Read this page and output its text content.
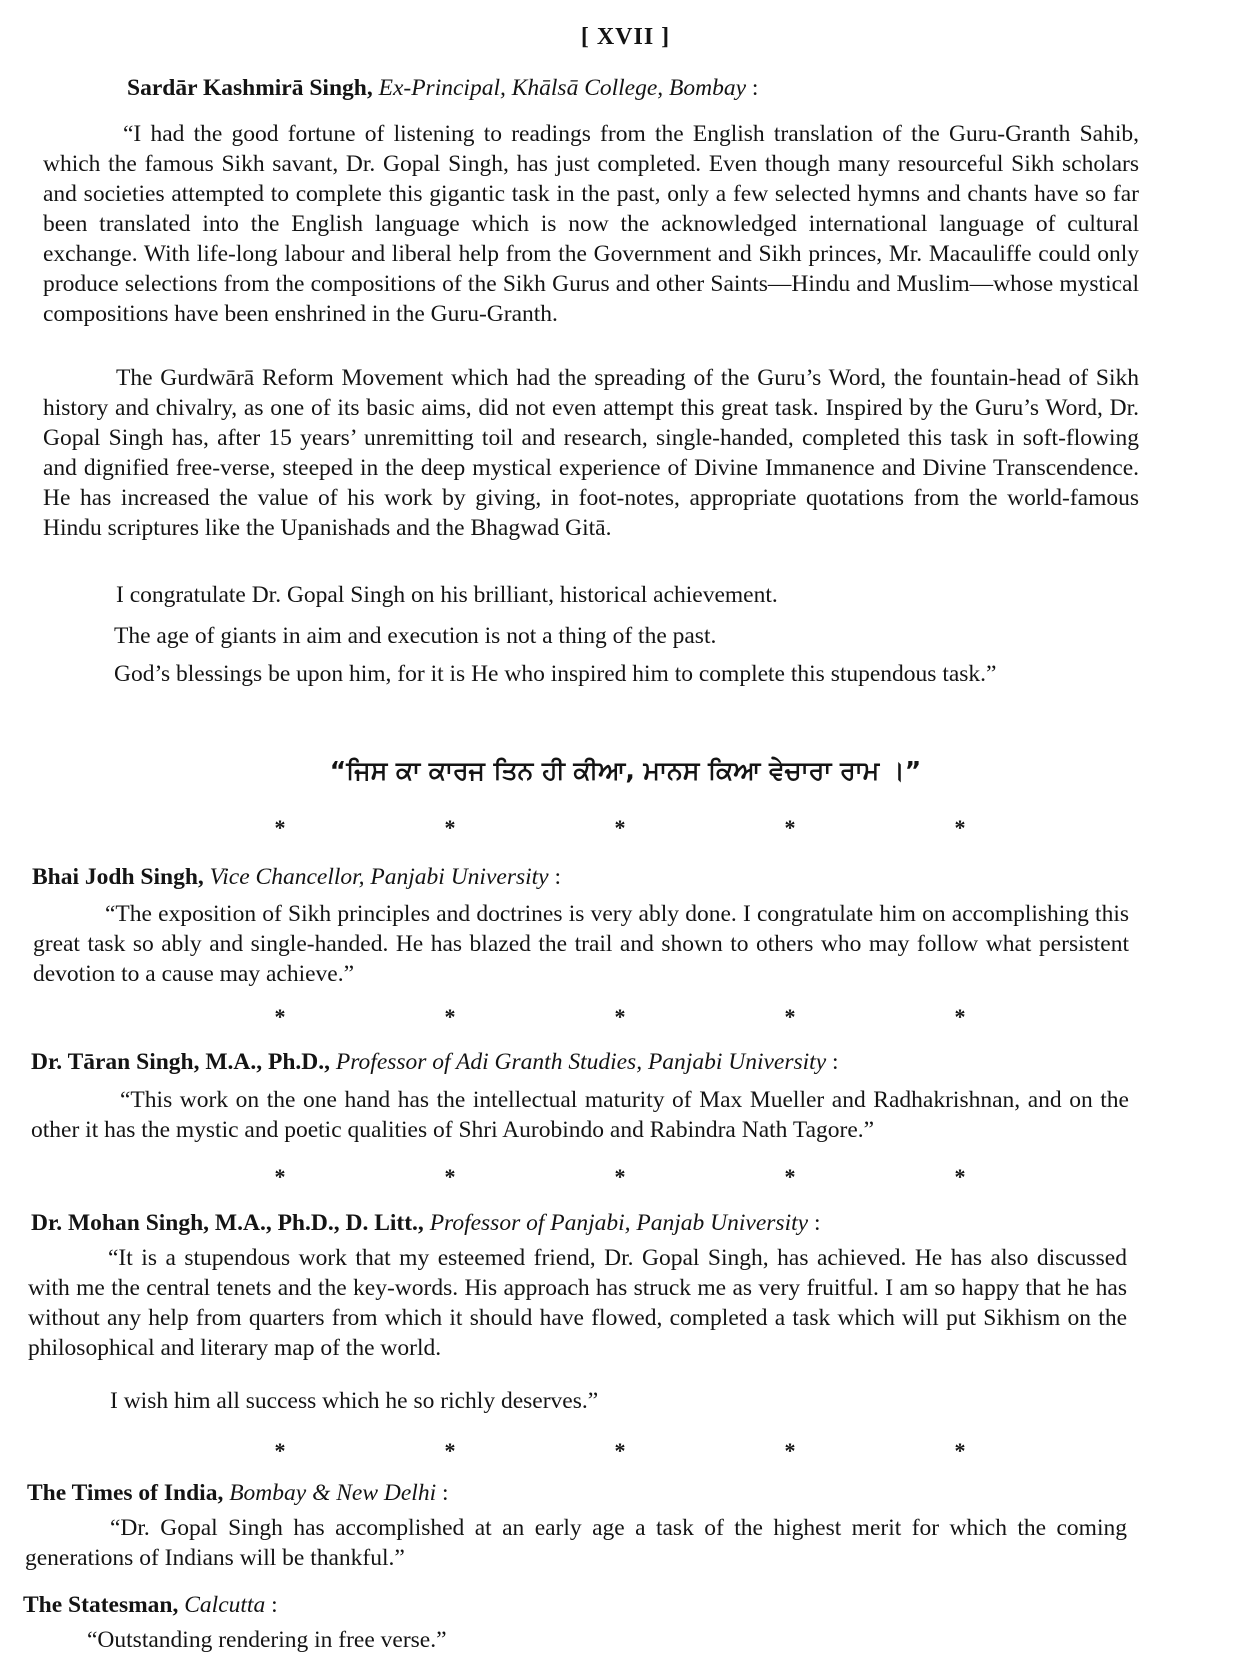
[ XVII ]
Sardār Kashmirā Singh, Ex-Principal, Khālsā College, Bombay :
“I had the good fortune of listening to readings from the English translation of the Guru-Granth Sahib, which the famous Sikh savant, Dr. Gopal Singh, has just completed. Even though many resourceful Sikh scholars and societies attempted to complete this gigantic task in the past, only a few selected hymns and chants have so far been translated into the English language which is now the acknowledged international language of cultural exchange. With life-long labour and liberal help from the Government and Sikh princes, Mr. Macauliffe could only produce selections from the compositions of the Sikh Gurus and other Saints—Hindu and Muslim—whose mystical compositions have been enshrined in the Guru-Granth.
The Gurdwārā Reform Movement which had the spreading of the Guru’s Word, the fountain-head of Sikh history and chivalry, as one of its basic aims, did not even attempt this great task. Inspired by the Guru’s Word, Dr. Gopal Singh has, after 15 years’ unremitting toil and research, single-handed, completed this task in soft-flowing and dignified free-verse, steeped in the deep mystical experience of Divine Immanence and Divine Transcendence. He has increased the value of his work by giving, in foot-notes, appropriate quotations from the world-famous Hindu scriptures like the Upanishads and the Bhagwad Gitā.
I congratulate Dr. Gopal Singh on his brilliant, historical achievement.
The age of giants in aim and execution is not a thing of the past.
God’s blessings be upon him, for it is He who inspired him to complete this stupendous task.”
“ਜਿਸ ਕਾ ਕਾਰਜ ਤਿਨ ਹੀ ਕੀਆ, ਮਾਨਸ ਕਿਆ ਵੇਚਾਰਾ ਰਾਮ ।”
*	*	*	*	*
Bhai Jodh Singh, Vice Chancellor, Panjabi University :
“The exposition of Sikh principles and doctrines is very ably done. I congratulate him on accomplishing this great task so ably and single-handed. He has blazed the trail and shown to others who may follow what persistent devotion to a cause may achieve.”
*	*	*	*	*
Dr. Tāran Singh, M.A., Ph.D., Professor of Adi Granth Studies, Panjabi University :
“This work on the one hand has the intellectual maturity of Max Mueller and Radhakrishnan, and on the other it has the mystic and poetic qualities of Shri Aurobindo and Rabindra Nath Tagore.”
*	*	*	*	*
Dr. Mohan Singh, M.A., Ph.D., D. Litt., Professor of Panjabi, Panjab University :
“It is a stupendous work that my esteemed friend, Dr. Gopal Singh, has achieved. He has also discussed with me the central tenets and the key-words. His approach has struck me as very fruitful. I am so happy that he has without any help from quarters from which it should have flowed, completed a task which will put Sikhism on the philosophical and literary map of the world.
I wish him all success which he so richly deserves.”
*	*	*	*	*
The Times of India, Bombay & New Delhi :
“Dr. Gopal Singh has accomplished at an early age a task of the highest merit for which the coming generations of Indians will be thankful.”
The Statesman, Calcutta :
“Outstanding rendering in free verse.”
